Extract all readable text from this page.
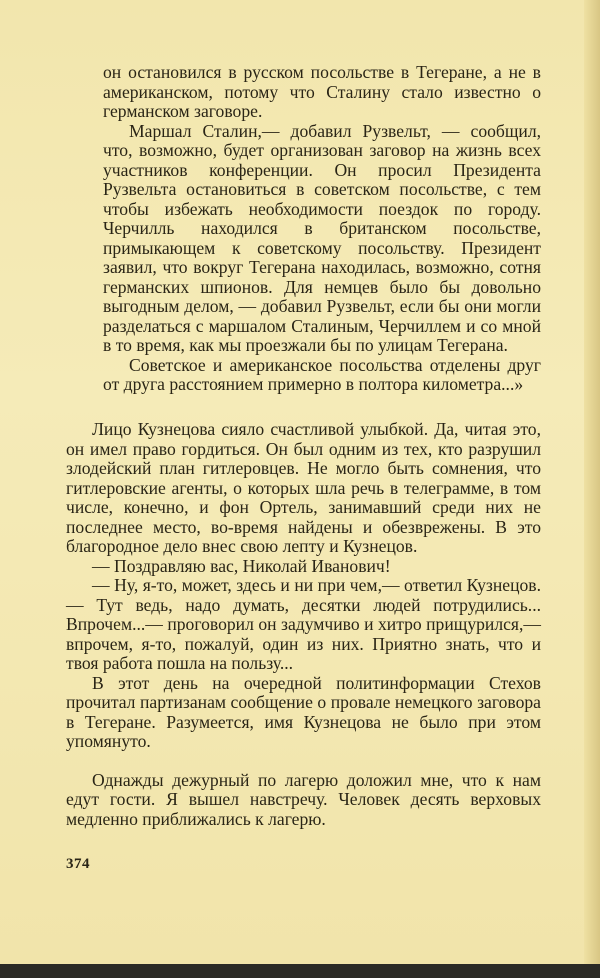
он остановился в русском посольстве в Тегеране, а не в американском, потому что Сталину стало известно о германском заговоре.

Маршал Сталин,— добавил Рузвельт, — сообщил, что, возможно, будет организован заговор на жизнь всех участников конференции. Он просил Президента Рузвельта остановиться в советском посольстве, с тем чтобы избежать необходимости поездок по городу. Черчилль находился в британском посольстве, примыкающем к советскому посольству. Президент заявил, что вокруг Тегерана находилась, возможно, сотня германских шпионов. Для немцев было бы довольно выгодным делом, — добавил Рузвельт, если бы они могли разделаться с маршалом Сталиным, Черчиллем и со мной в то время, как мы проезжали бы по улицам Тегерана.

Советское и американское посольства отделены друг от друга расстоянием примерно в полтора километра...»

Лицо Кузнецова сияло счастливой улыбкой. Да, читая это, он имел право гордиться. Он был одним из тех, кто разрушил злодейский план гитлеровцев. Не могло быть сомнения, что гитлеровские агенты, о которых шла речь в телеграмме, в том числе, конечно, и фон Ортель, занимавший среди них не последнее место, во-время найдены и обезврежены. В это благородное дело внес свою лепту и Кузнецов.

— Поздравляю вас, Николай Иванович!

— Ну, я-то, может, здесь и ни при чем,— ответил Кузнецов.— Тут ведь, надо думать, десятки людей потрудились... Впрочем...— проговорил он задумчиво и хитро прищурился,— впрочем, я-то, пожалуй, один из них. Приятно знать, что и твоя работа пошла на пользу...

В этот день на очередной политинформации Стехов прочитал партизанам сообщение о провале немецкого заговора в Тегеране. Разумеется, имя Кузнецова не было при этом упомянуто.

Однажды дежурный по лагерю доложил мне, что к нам едут гости. Я вышел навстречу. Человек десять верховых медленно приближались к лагерю.

374
